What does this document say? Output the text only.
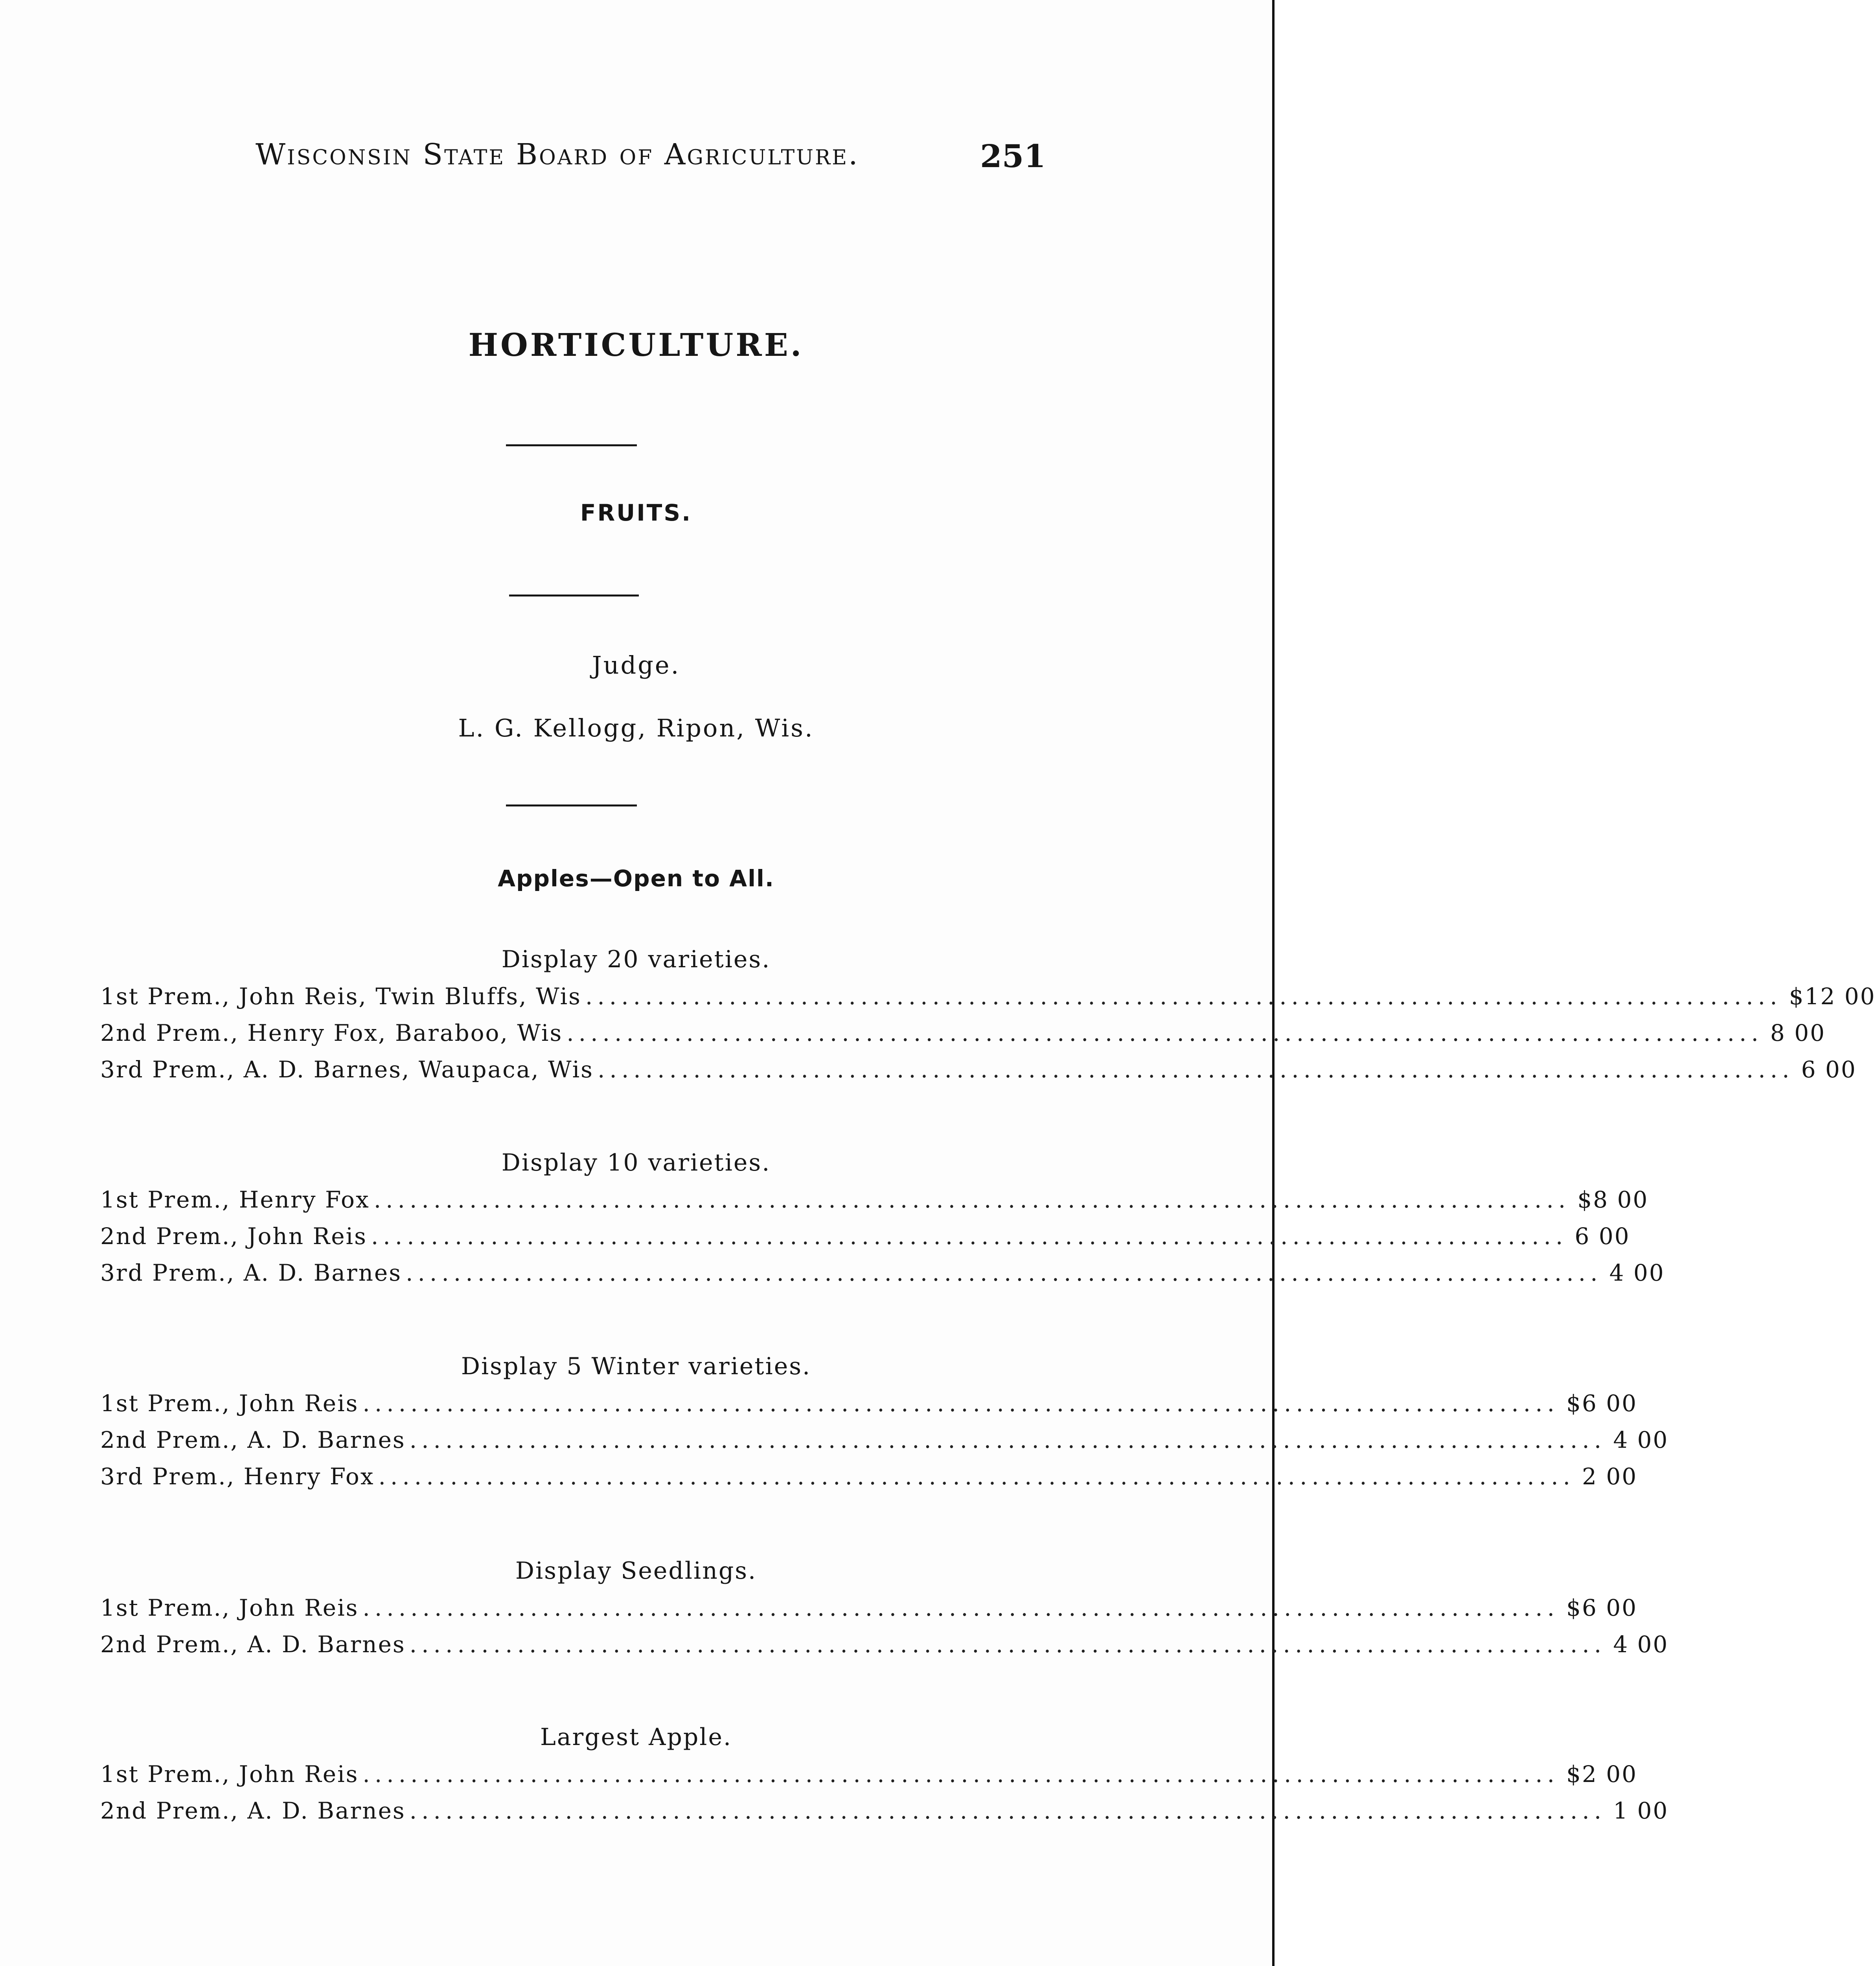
Wisconsin State Board of Agriculture.	251
HORTICULTURE.
FRUITS.
Judge.
L. G. Kellogg, Ripon, Wis.
Apples—Open to All.
Display 20 varieties.
1st Prem.,
John Reis, Twin Bluffs, Wis .................................................................................................... $12 00
2nd Prem.,
Henry Fox, Baraboo, Wis .................................................................................................... 8 00
3rd Prem.,
A. D. Barnes, Waupaca, Wis .................................................................................................... 6 00
Display 10 varieties.
1st Prem.,
Henry Fox .................................................................................................... $8 00
2nd Prem.,
John Reis .................................................................................................... 6 00
3rd Prem.,
A. D. Barnes .................................................................................................... 4 00
Display 5 Winter varieties.
1st Prem.,
John Reis .................................................................................................... $6 00
2nd Prem.,
A. D. Barnes .................................................................................................... 4 00
3rd Prem.,
Henry Fox .................................................................................................... 2 00
Display Seedlings.
1st Prem.,
John Reis .................................................................................................... $6 00
2nd Prem.,
A. D. Barnes .................................................................................................... 4 00
Largest Apple.
1st Prem.,
John Reis .................................................................................................... $2 00
2nd Prem.,
A. D. Barnes .................................................................................................... 1 00
